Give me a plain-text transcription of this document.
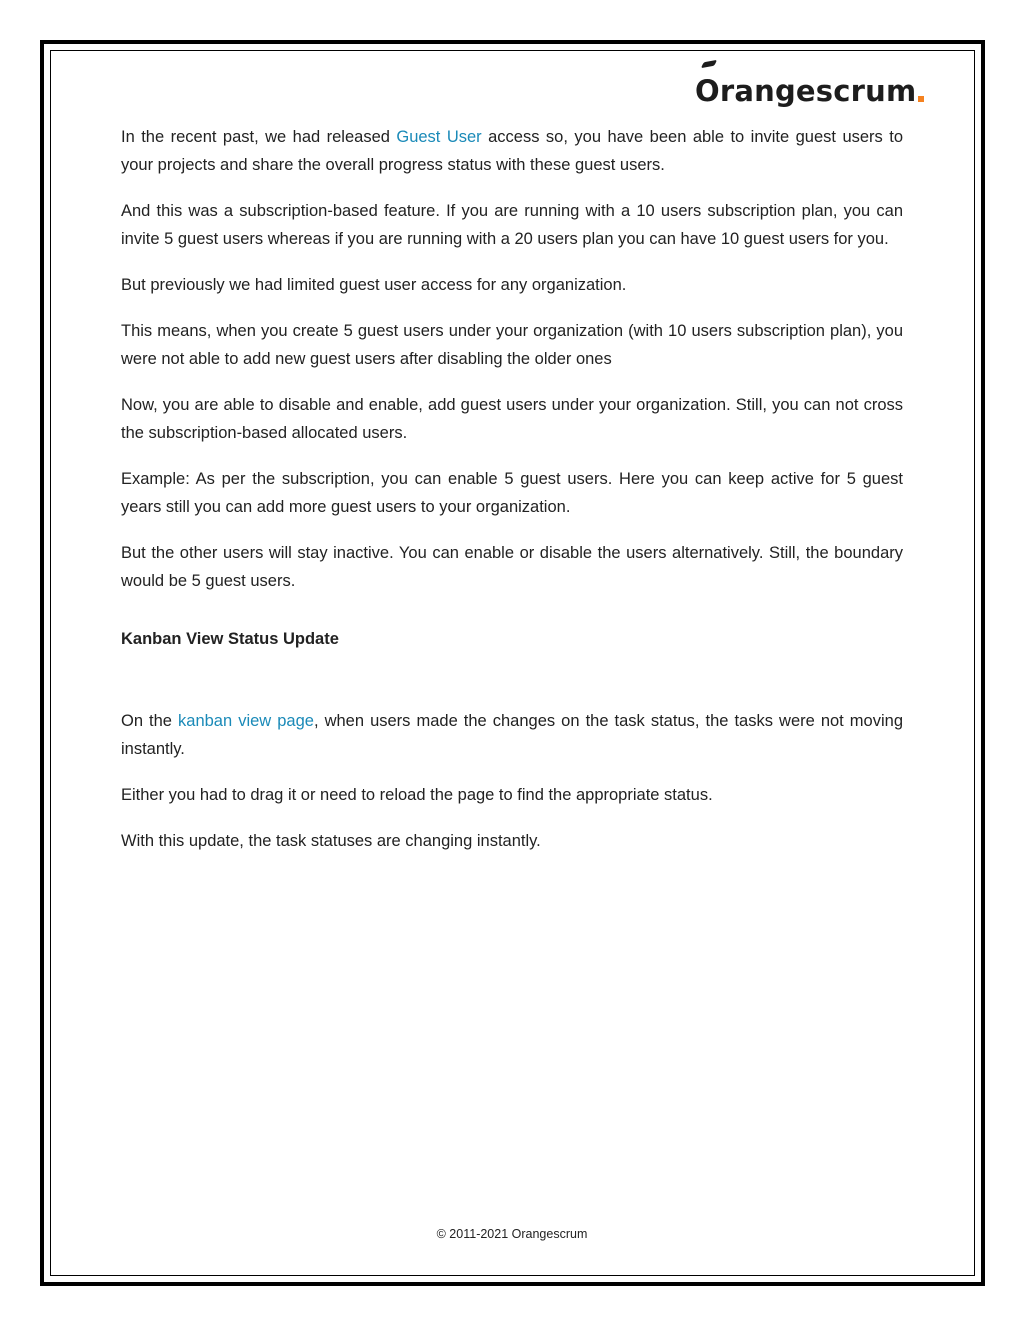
O rangescrum

In the recent past, we had released Guest User access so, you have been able to invite guest users to your projects and share the overall progress status with these guest users.

And this was a subscription-based feature. If you are running with a 10 users subscription plan, you can invite 5 guest users whereas if you are running with a 20 users plan you can have 10 guest users for you.

But previously we had limited guest user access for any organization.

This means, when you create 5 guest users under your organization (with 10 users subscription plan), you were not able to add new guest users after disabling the older ones

Now, you are able to disable and enable, add guest users under your organization. Still, you can not cross the subscription-based allocated users.

Example: As per the subscription, you can enable 5 guest users. Here you can keep active for 5 guest years still you can add more guest users to your organization.

But the other users will stay inactive. You can enable or disable the users alternatively. Still, the boundary would be 5 guest users.

Kanban View Status Update

On the kanban view page, when users made the changes on the task status, the tasks were not moving instantly.

Either you had to drag it or need to reload the page to find the appropriate status.

With this update, the task statuses are changing instantly.

© 2011-2021 Orangescrum
